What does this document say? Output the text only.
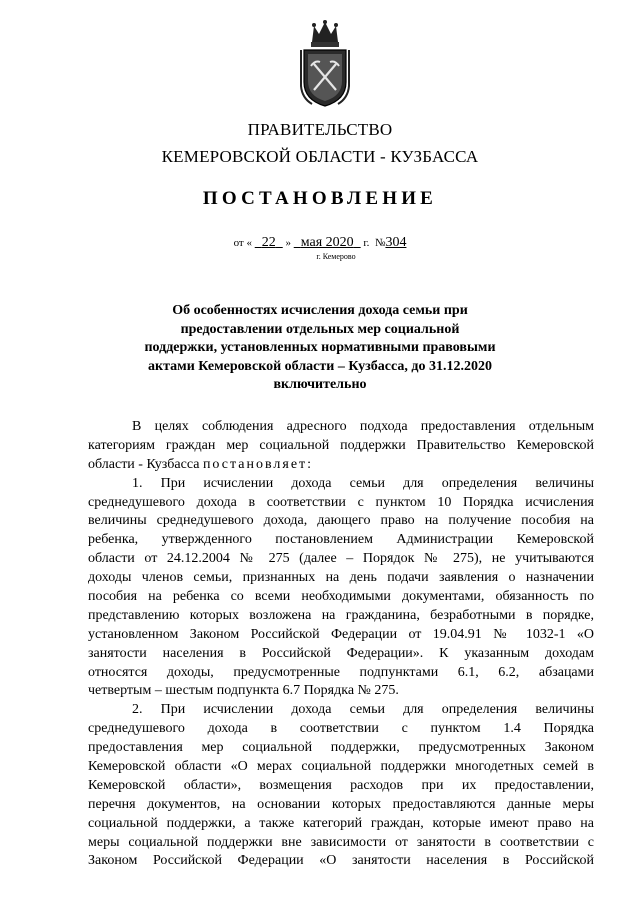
ПРАВИТЕЛЬСТВО
КЕМЕРОВСКОЙ ОБЛАСТИ - КУЗБАССА
ПОСТАНОВЛЕНИЕ
от « 22 » мая 2020 г. №304
г. Кемерово
Об особенностях исчисления дохода семьи при
предоставлении отдельных мер социальной
поддержки, установленных нормативными правовыми
актами Кемеровской области – Кузбасса, до 31.12.2020
включительно
В целях соблюдения адресного подхода предоставления отдельным
категориям граждан мер социальной поддержки Правительство Кемеровской
области - Кузбасса постановляет:
1. При исчислении дохода семьи для определения величины
среднедушевого дохода в соответствии с пунктом 10 Порядка исчисления
величины среднедушевого дохода, дающего право на получение пособия на
ребенка, утвержденного постановлением Администрации Кемеровской
области от 24.12.2004 № 275 (далее – Порядок № 275), не учитываются
доходы членов семьи, признанных на день подачи заявления о назначении
пособия на ребенка со всеми необходимыми документами, обязанность по
представлению которых возложена на гражданина, безработными в порядке,
установленном Законом Российской Федерации от 19.04.91 № 1032-1 «О
занятости населения в Российской Федерации». К указанным доходам
относятся доходы, предусмотренные подпунктами 6.1, 6.2, абзацами
четвертым – шестым подпункта 6.7 Порядка № 275.
2. При исчислении дохода семьи для определения величины
среднедушевого дохода в соответствии с пунктом 1.4 Порядка
предоставления мер социальной поддержки, предусмотренных Законом
Кемеровской области «О мерах социальной поддержки многодетных семей в
Кемеровской области», возмещения расходов при их предоставлении,
перечня документов, на основании которых предоставляются данные меры
социальной поддержки, а также категорий граждан, которые имеют право на
меры социальной поддержки вне зависимости от занятости в соответствии с
Законом Российской Федерации «О занятости населения в Российской
